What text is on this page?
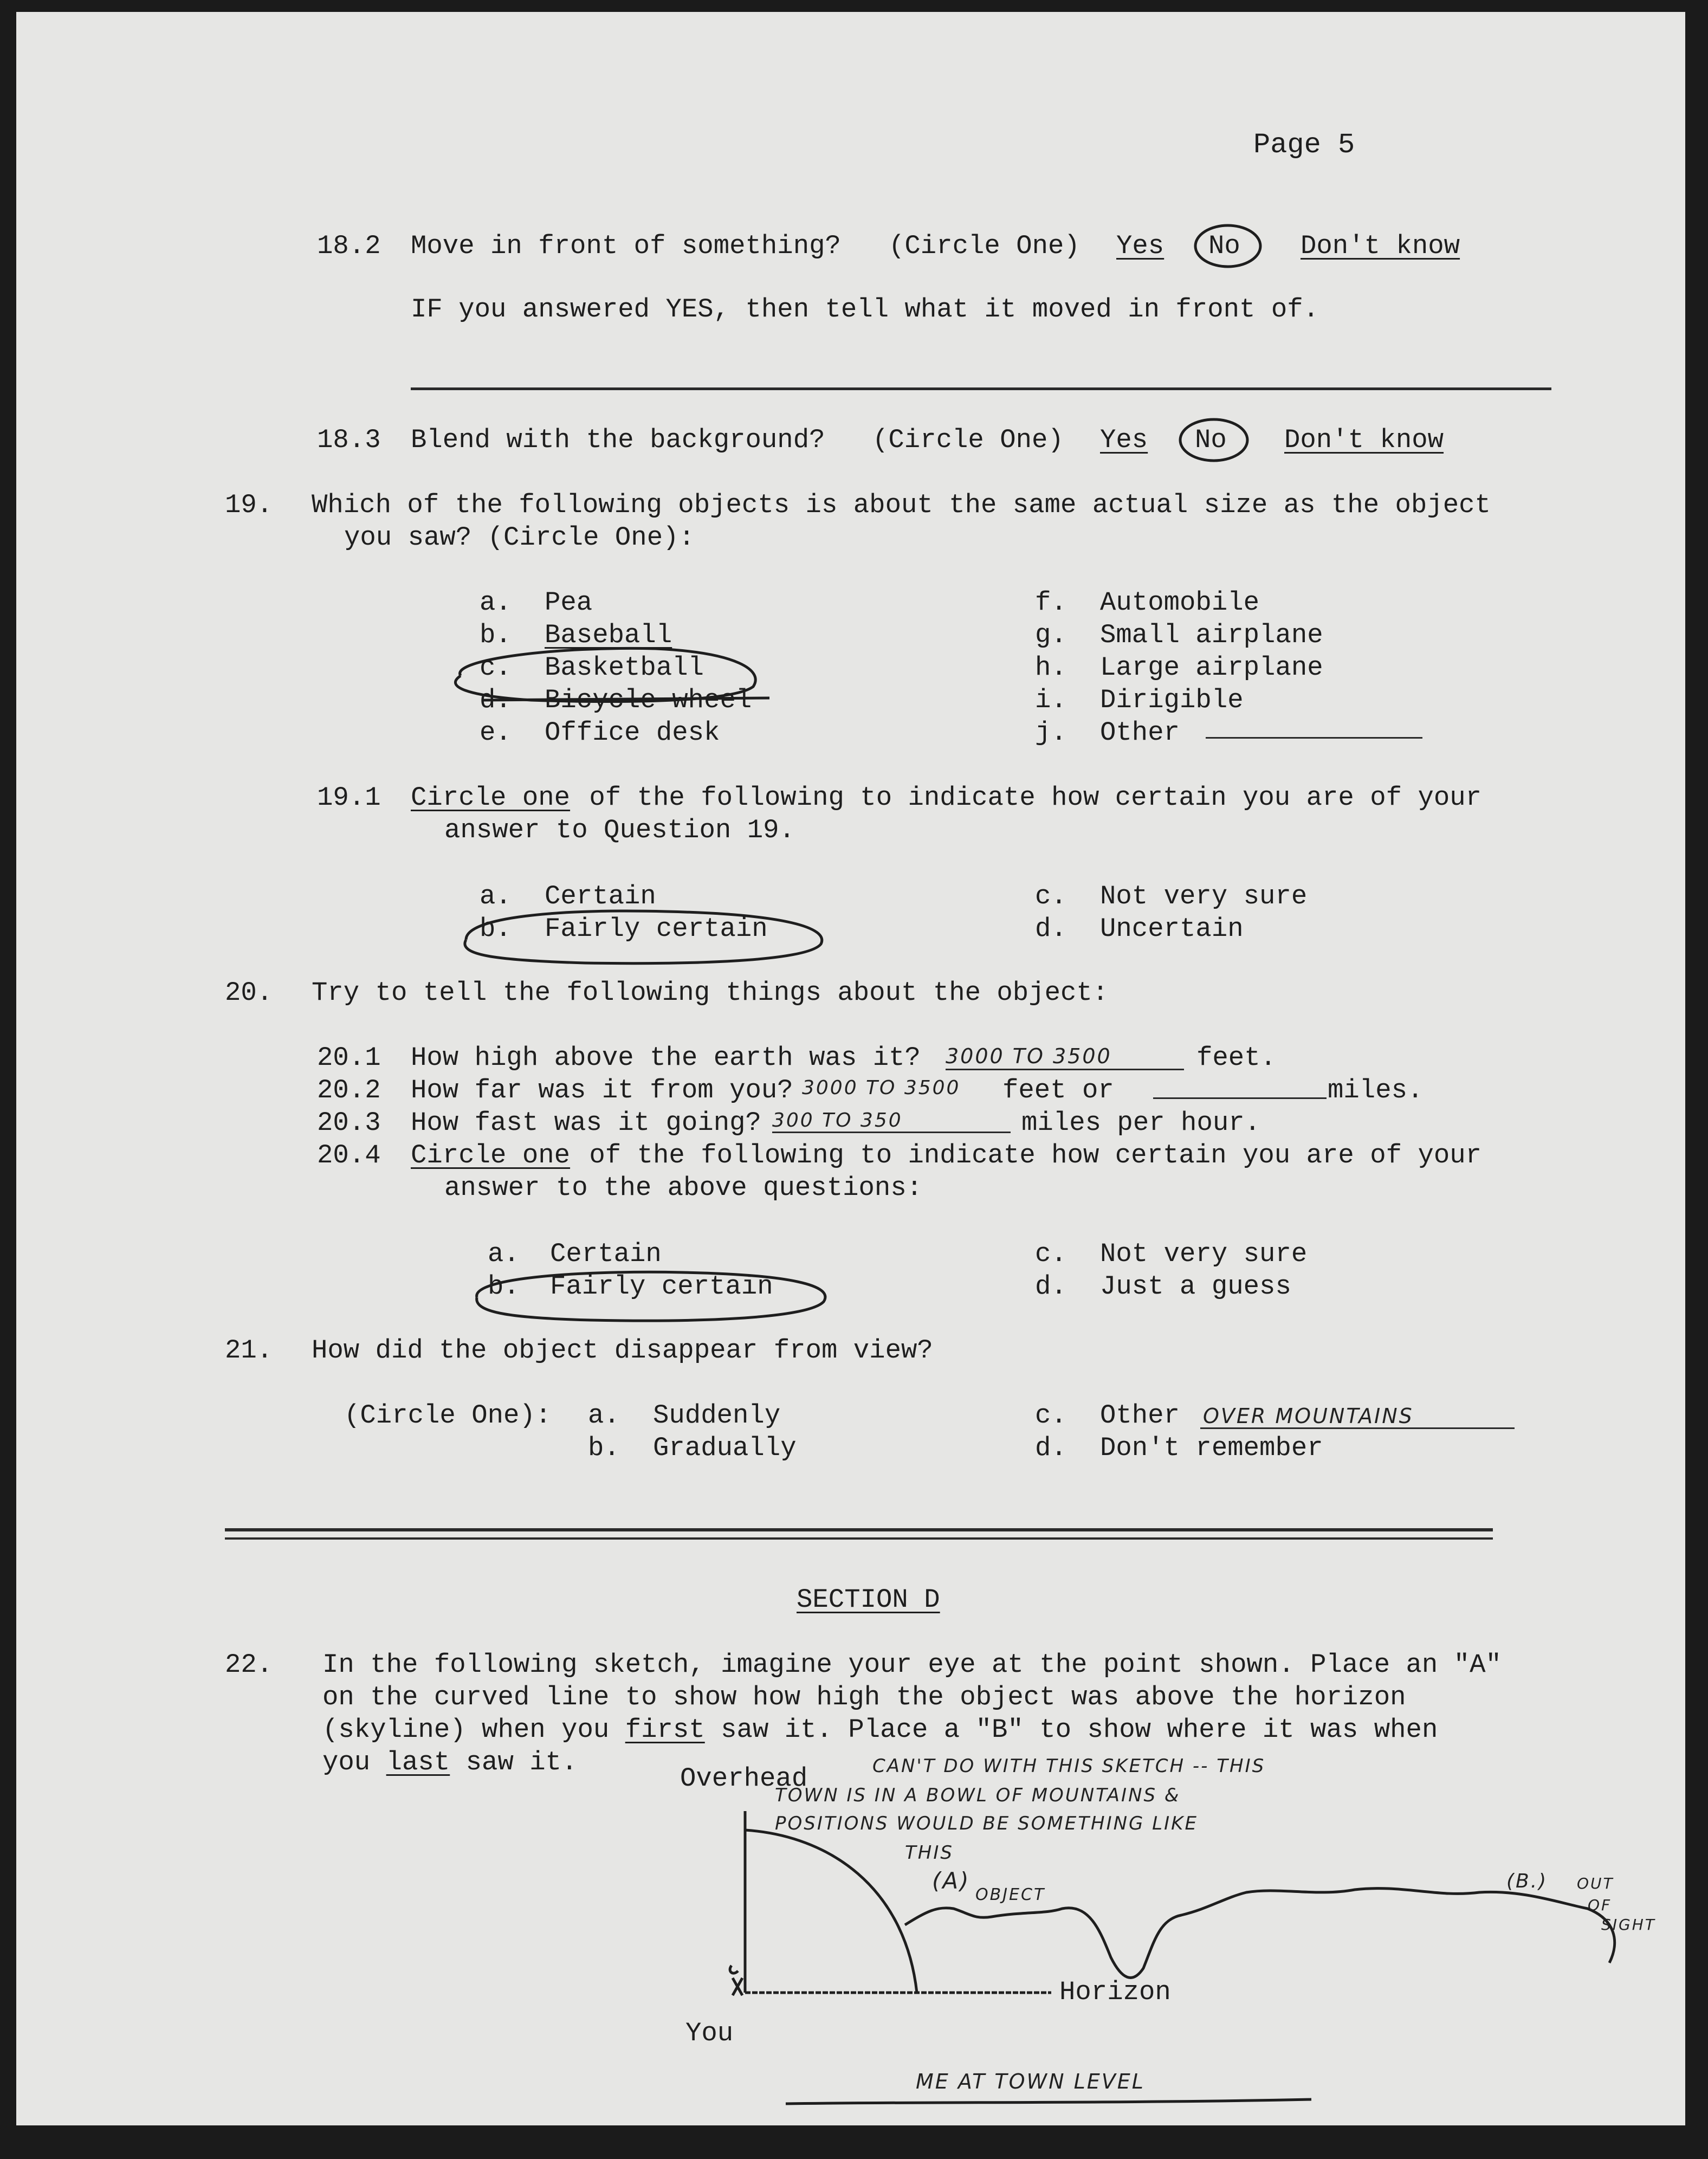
Page 5
18.2 Move in front of something? (Circle One) Yes No Don't know
IF you answered YES, then tell what it moved in front of.
18.3 Blend with the background? (Circle One) Yes No Don't know
19. Which of the following objects is about the same actual size as the object
you saw? (Circle One):
a. Pea
b. Baseball
c. Basketball
d. Bicycle wheel
e. Office desk
f. Automobile
g. Small airplane
h. Large airplane
i. Dirigible
j. Other
19.1 Circle one of the following to indicate how certain you are of your
answer to Question 19.
a. Certain
b. Fairly certain
c. Not very sure
d. Uncertain
20. Try to tell the following things about the object:
20.1 How high above the earth was it? 3000 TO 3500	feet.
20.2 How far was it from you? 3000 TO 3500 feet or	miles.
20.3 How fast was it going? 300 TO 350	miles per hour.
20.4 Circle one of the following to indicate how certain you are of your
answer to the above questions:
a. Certain
b. Fairly certain
c. Not very sure
d. Just a guess
21. How did the object disappear from view?
(Circle One): a. Suddenly
b. Gradually
c. Other OVER MOUNTAINS
d. Don't remember
SECTION D
22. In the following sketch, imagine your eye at the point shown. Place an "A"
on the curved line to show how high the object was above the horizon
(skyline) when you first saw it. Place a "B" to show where it was when
you last saw it.
Overhead
Horizon
You
CAN'T DO WITH THIS SKETCH -- THIS
TOWN IS IN A BOWL OF MOUNTAINS &
POSITIONS WOULD BE SOMETHING LIKE
THIS
(A)
OBJECT
(B.) OUT
OF
SIGHT
ME AT TOWN LEVEL
